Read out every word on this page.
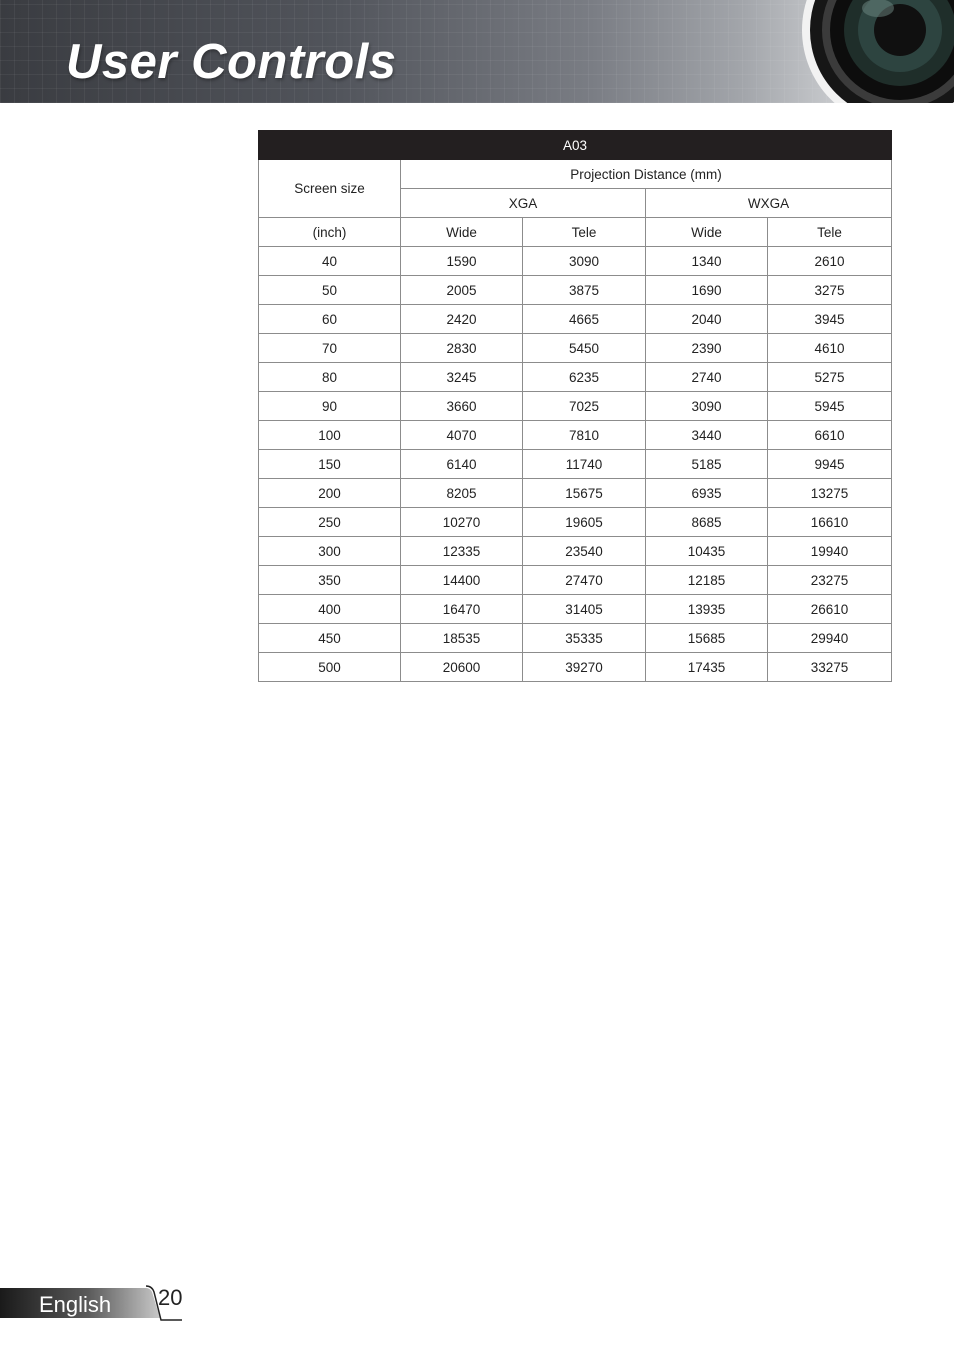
User Controls
A03				
Screen size	Projection Distance (mm)			
	XGA		WXGA	
(inch)	Wide	Tele	Wide	Tele
40	1590	3090	1340	2610
50	2005	3875	1690	3275
60	2420	4665	2040	3945
70	2830	5450	2390	4610
80	3245	6235	2740	5275
90	3660	7025	3090	5945
100	4070	7810	3440	6610
150	6140	11740	5185	9945
200	8205	15675	6935	13275
250	10270	19605	8685	16610
300	12335	23540	10435	19940
350	14400	27470	12185	23275
400	16470	31405	13935	26610
450	18535	35335	15685	29940
500	20600	39270	17435	33275
English 20
